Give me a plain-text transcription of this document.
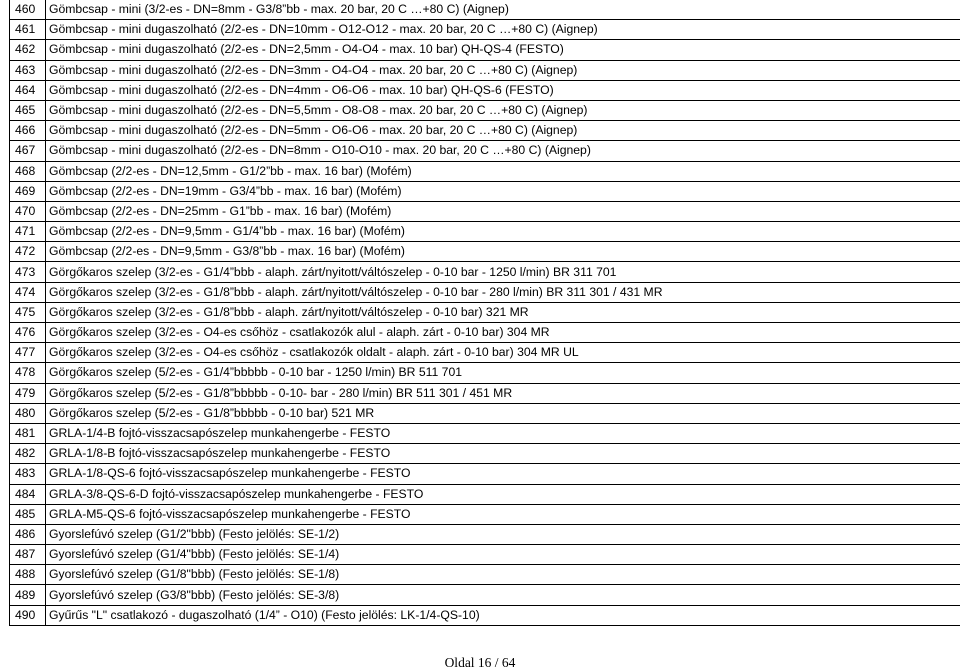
460	Gömbcsap - mini (3/2-es - DN=8mm - G3/8”bb - max. 20 bar, 20 C …+80 C) (Aignep)
461	Gömbcsap - mini dugaszolható (2/2-es - DN=10mm - O12-O12 - max. 20 bar, 20 C …+80 C) (Aignep)
462	Gömbcsap - mini dugaszolható (2/2-es - DN=2,5mm - O4-O4 - max. 10 bar) QH-QS-4 (FESTO)
463	Gömbcsap - mini dugaszolható (2/2-es - DN=3mm - O4-O4 - max. 20 bar, 20 C …+80 C) (Aignep)
464	Gömbcsap - mini dugaszolható (2/2-es - DN=4mm - O6-O6 - max. 10 bar) QH-QS-6 (FESTO)
465	Gömbcsap - mini dugaszolható (2/2-es - DN=5,5mm - O8-O8 - max. 20 bar, 20 C …+80 C) (Aignep)
466	Gömbcsap - mini dugaszolható (2/2-es - DN=5mm - O6-O6 - max. 20 bar, 20 C …+80 C) (Aignep)
467	Gömbcsap - mini dugaszolható (2/2-es - DN=8mm - O10-O10 - max. 20 bar, 20 C …+80 C) (Aignep)
468	Gömbcsap (2/2-es - DN=12,5mm - G1/2”bb - max. 16 bar) (Mofém)
469	Gömbcsap (2/2-es - DN=19mm - G3/4”bb - max. 16 bar) (Mofém)
470	Gömbcsap (2/2-es - DN=25mm - G1”bb - max. 16 bar) (Mofém)
471	Gömbcsap (2/2-es - DN=9,5mm - G1/4”bb - max. 16 bar) (Mofém)
472	Gömbcsap (2/2-es - DN=9,5mm - G3/8”bb - max. 16 bar) (Mofém)
473	Görgőkaros szelep (3/2-es - G1/4”bbb - alaph. zárt/nyitott/váltószelep - 0-10 bar - 1250 l/min) BR 311 701
474	Görgőkaros szelep (3/2-es - G1/8”bbb - alaph. zárt/nyitott/váltószelep - 0-10 bar - 280 l/min) BR 311 301 / 431 MR
475	Görgőkaros szelep (3/2-es - G1/8”bbb - alaph. zárt/nyitott/váltószelep - 0-10 bar) 321 MR
476	Görgőkaros szelep (3/2-es - O4-es csőhöz - csatlakozók alul - alaph. zárt - 0-10 bar) 304 MR
477	Görgőkaros szelep (3/2-es - O4-es csőhöz - csatlakozók oldalt - alaph. zárt - 0-10 bar) 304 MR UL
478	Görgőkaros szelep (5/2-es - G1/4”bbbbb - 0-10 bar - 1250 l/min) BR 511 701
479	Görgőkaros szelep (5/2-es - G1/8”bbbbb - 0-10- bar - 280 l/min) BR 511 301 / 451 MR
480	Görgőkaros szelep (5/2-es - G1/8”bbbbb - 0-10 bar) 521 MR
481	GRLA-1/4-B fojtó-visszacsapószelep munkahengerbe - FESTO
482	GRLA-1/8-B fojtó-visszacsapószelep munkahengerbe - FESTO
483	GRLA-1/8-QS-6 fojtó-visszacsapószelep munkahengerbe - FESTO
484	GRLA-3/8-QS-6-D fojtó-visszacsapószelep munkahengerbe - FESTO
485	GRLA-M5-QS-6 fojtó-visszacsapószelep munkahengerbe - FESTO
486	Gyorslefúvó szelep (G1/2"bbb) (Festo jelölés: SE-1/2)
487	Gyorslefúvó szelep (G1/4"bbb) (Festo jelölés: SE-1/4)
488	Gyorslefúvó szelep (G1/8"bbb) (Festo jelölés: SE-1/8)
489	Gyorslefúvó szelep (G3/8"bbb) (Festo jelölés: SE-3/8)
490	Gyűrűs "L" csatlakozó - dugaszolható (1/4” - O10) (Festo jelölés: LK-1/4-QS-10)
Oldal 16 / 64
